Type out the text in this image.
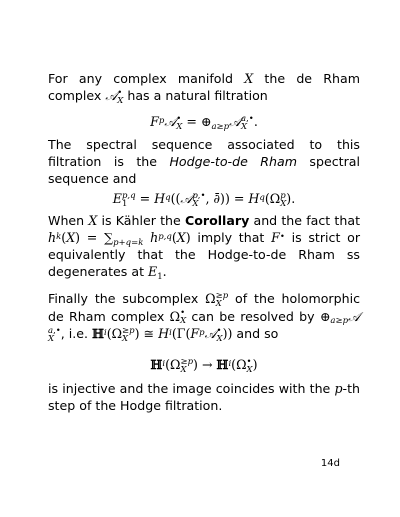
For any complex manifold X the de Rham complex 𝒜 •
X has a natural filtration
$F^p𝒜$ •
$X = \oplus_{a\ge p}𝒜$ a,•
X .
The spectral sequence associated to this filtration is the Hodge-to-de Rham spectral sequence and
E p,q
$1 = H^q((𝒜$ p,•
X , ∂̄)) = $H^q(\Omega$ p
X ).
When X is Kähler the Corollary and the fact that $h^k(X) = \sum_{p+q=k}$ $h^{p,q}(X)$ imply that F• is strict or equivalently that the Hodge-to-de Rham ss degenerates at $E_1$.
Finally the subcomplex Ω ≥p
X of the holomorphic de Rham complex Ω •
X can be resolved by $\oplus_{a\ge p}𝒜$
a,•
X , i.e. ℍ$^i$(Ω ≥p
X ) ≅ $H^i(\Gamma(F^p𝒜$ •
X )) and so
ℍ$^i$(Ω ≥p
X ) → ℍ$^i$(Ω •
X )
is injective and the image coincides with the p-th step of the Hodge filtration.
14d
